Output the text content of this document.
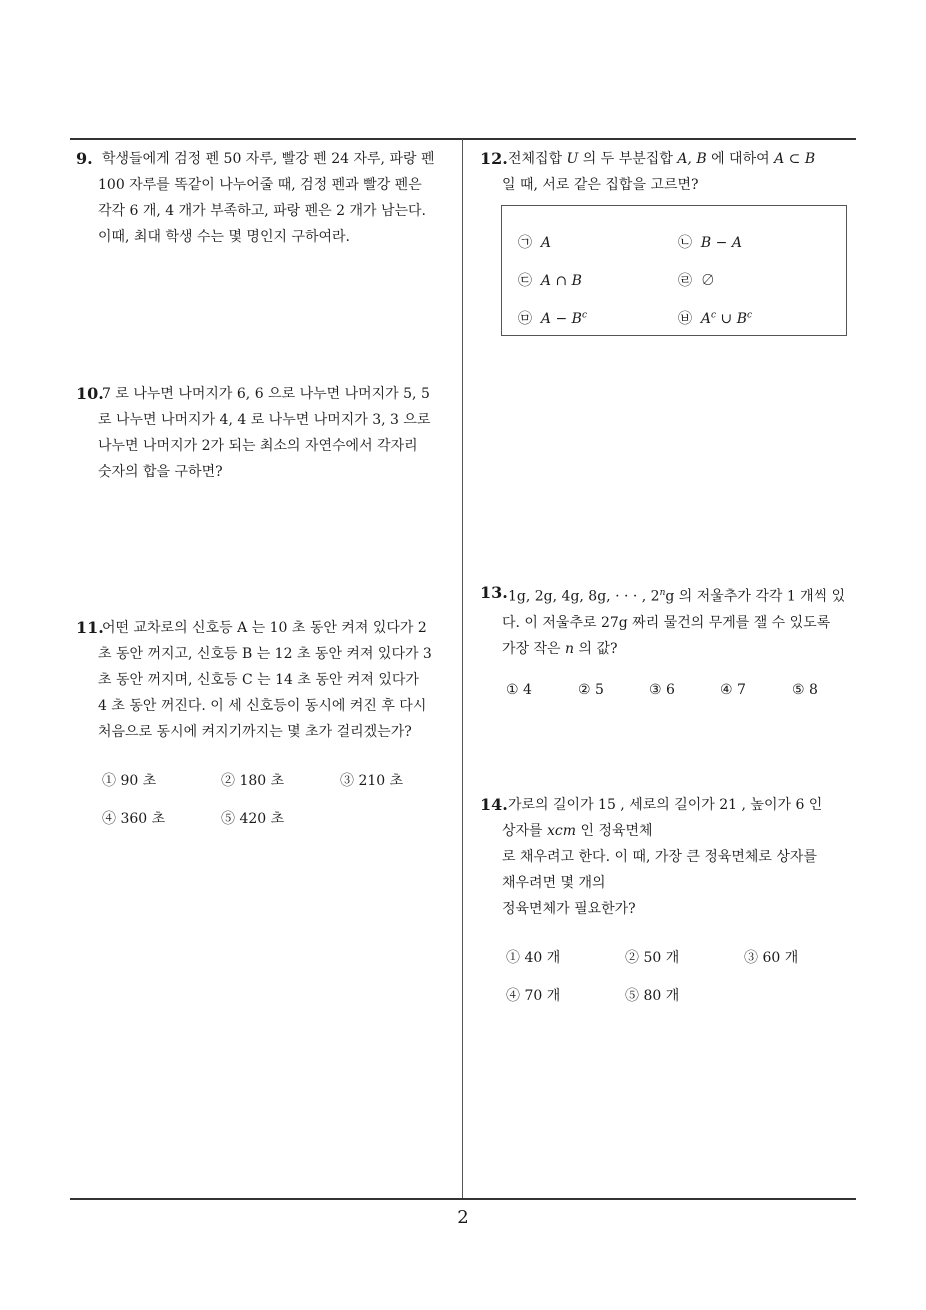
9. 학생들에게 검정 펜 50 자루, 빨강 펜 24 자루, 파랑 펜
100 자루를 똑같이 나누어줄 때, 검정 펜과 빨강 펜은
각각 6 개, 4 개가 부족하고, 파랑 펜은 2 개가 남는다.
이때, 최대 학생 수는 몇 명인지 구하여라.
10.
7 로 나누면 나머지가 6, 6 으로 나누면 나머지가 5, 5
로 나누면 나머지가 4, 4 로 나누면 나머지가 3, 3 으로
나누면 나머지가 2가 되는 최소의 자연수에서 각자리
숫자의 합을 구하면?
11.
어떤 교차로의 신호등 A 는 10 초 동안 켜져 있다가 2
초 동안 꺼지고, 신호등 B 는 12 초 동안 켜져 있다가 3
초 동안 꺼지며, 신호등 C 는 14 초 동안 켜져 있다가
4 초 동안 꺼진다. 이 세 신호등이 동시에 켜진 후 다시
처음으로 동시에 켜지기까지는 몇 초가 걸리겠는가?
① 90 초	② 180 초	③ 210 초
④ 360 초	⑤ 420 초
12. 전체집합 U 의 두 부분집합 A, B 에 대하여 A ⊂ B
일 때, 서로 같은 집합을 고르면?
㉠ A	㉡ B − A
㉢ A ∩ B	㉣ ∅
㉤ $A - B^c$	㉥ $A^c$ ∪ $B^c$
13. 1g, 2g, 4g, 8g, · · · , 2$^n$g 의 저울추가 각각 1 개씩 있
다. 이 저울추로 27g 짜리 물건의 무게를 잴 수 있도록
가장 작은 n 의 값?
① 4	② 5	③ 6	④ 7	⑤ 8
14. 가로의 길이가 15 , 세로의 길이가 21 , 높이가 6 인
상자를 xcm 인 정육면체
로 채우려고 한다. 이 때, 가장 큰 정육면체로 상자를
채우려면 몇 개의
정육면체가 필요한가?
① 40 개	② 50 개	③ 60 개
④ 70 개	⑤ 80 개
2
